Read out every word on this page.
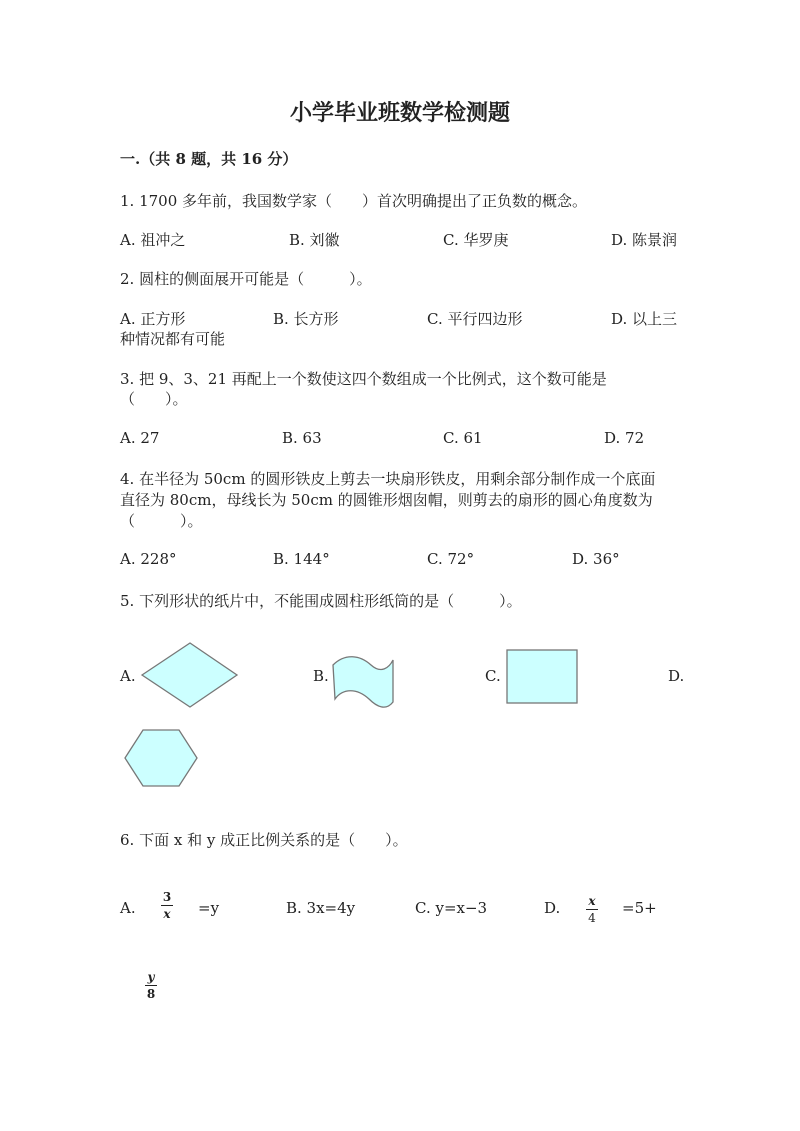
小学毕业班数学检测题
一.（共 8 题，共 16 分）
1. 1700 多年前，我国数学家（　　）首次明确提出了正负数的概念。
A. 祖冲之	B. 刘徽	C. 华罗庚	D. 陈景润
2. 圆柱的侧面展开可能是（　　　）。
A. 正方形	B. 长方形	C. 平行四边形	D. 以上三
种情况都有可能
3. 把 9、3、21 再配上一个数使这四个数组成一个比例式，这个数可能是
（　　）。
A. 27	B. 63	C. 61	D. 72
4. 在半径为 50cm 的圆形铁皮上剪去一块扇形铁皮，用剩余部分制作成一个底面
直径为 80cm，母线长为 50cm 的圆锥形烟囱帽，则剪去的扇形的圆心角度数为
（　　　）。
A. 228°	B. 144°	C. 72°	D. 36°
5. 下列形状的纸片中，不能围成圆柱形纸筒的是（　　　）。
A.	B.	C.	D.
6. 下面 x 和 y 成正比例关系的是（　　）。
A.
3
x =y	B. 3x=4y	C. y=x−3	D. x
4
=5+
y
8
